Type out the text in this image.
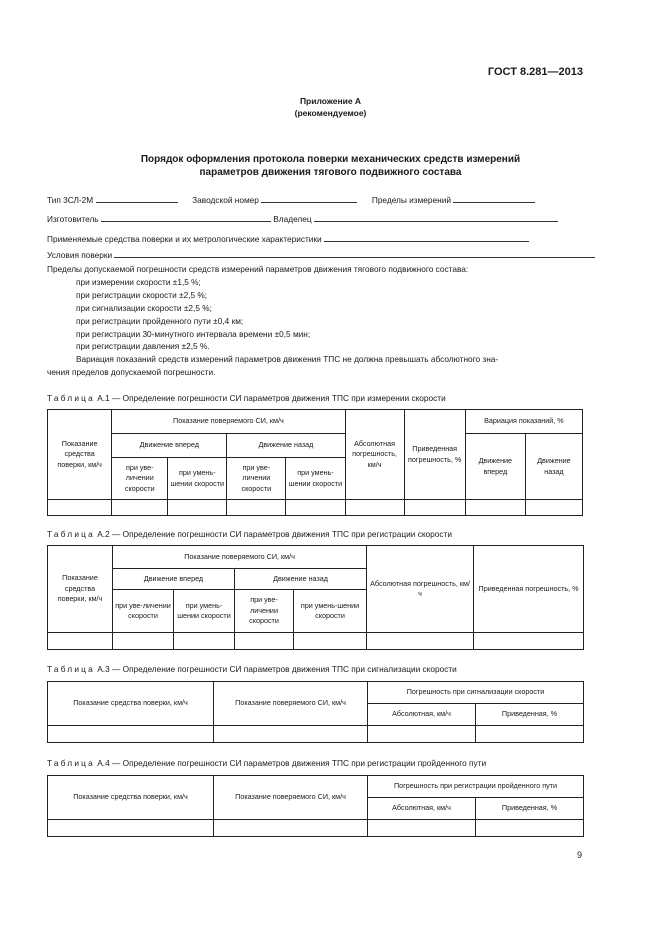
ГОСТ 8.281—2013
Приложение А
(рекомендуемое)
Порядок оформления протокола поверки механических средств измерений
параметров движения тягового подвижного состава
Тип 3СЛ-2М	Заводской номер	Пределы измерений
Изготовитель	Владелец
Применяемые средства поверки и их метрологические характеристики
Условия поверки

Пределы допускаемой погрешности средств измерений параметров движения тягового подвижного состава:

при измерении скорости ±1,5 %;

при регистрации скорости ±2,5 %;

при сигнализации скорости ±2,5 %;

при регистрации пройденного пути ±0,4 км;

при регистрации 30-минутного интервала времени ±0,5 мин;

при регистрации давления ±2,5 %.

Вариация показаний средств измерений параметров движения ТПС не должна превышать абсолютного зна-

чения пределов допускаемой погрешности.

Таблица А.1 — Определение погрешности СИ параметров движения ТПС при измерении скорости
Показание средства поверки, км/ч	Показание поверяемого СИ, км/ч				Абсолютная погрешность, км/ч	Приведенная погрешность, %	Вариация показаний, %	
	Движение вперед		Движение назад				Движение вперед	Движение назад
	при уве-личении скорости	при умень-шении скорости	при уве-личении скорости	при умень-шении скорости				

Таблица А.2 — Определение погрешности СИ параметров движения ТПС при регистрации скорости
Показание средства поверки, км/ч	Показание поверяемого СИ, км/ч				Абсолютная погрешность, км/ч	Приведенная погрешность, %
	Движение вперед		Движение назад			
	при уве-личении скорости	при умень-шении скорости	при уве-личении скорости	при умень-шении скорости		

Таблица А.3 — Определение погрешности СИ параметров движения ТПС при сигнализации скорости
Показание средства поверки, км/ч	Показание поверяемого СИ, км/ч	Погрешность при сигнализации скорости	
		Абсолютная, км/ч	Приведенная, %

Таблица А.4 — Определение погрешности СИ параметров движения ТПС при регистрации пройденного пути
Показание средства поверки, км/ч	Показание поверяемого СИ, км/ч	Погрешность при регистрации пройденного пути	
		Абсолютная, км/ч	Приведенная, %

9
